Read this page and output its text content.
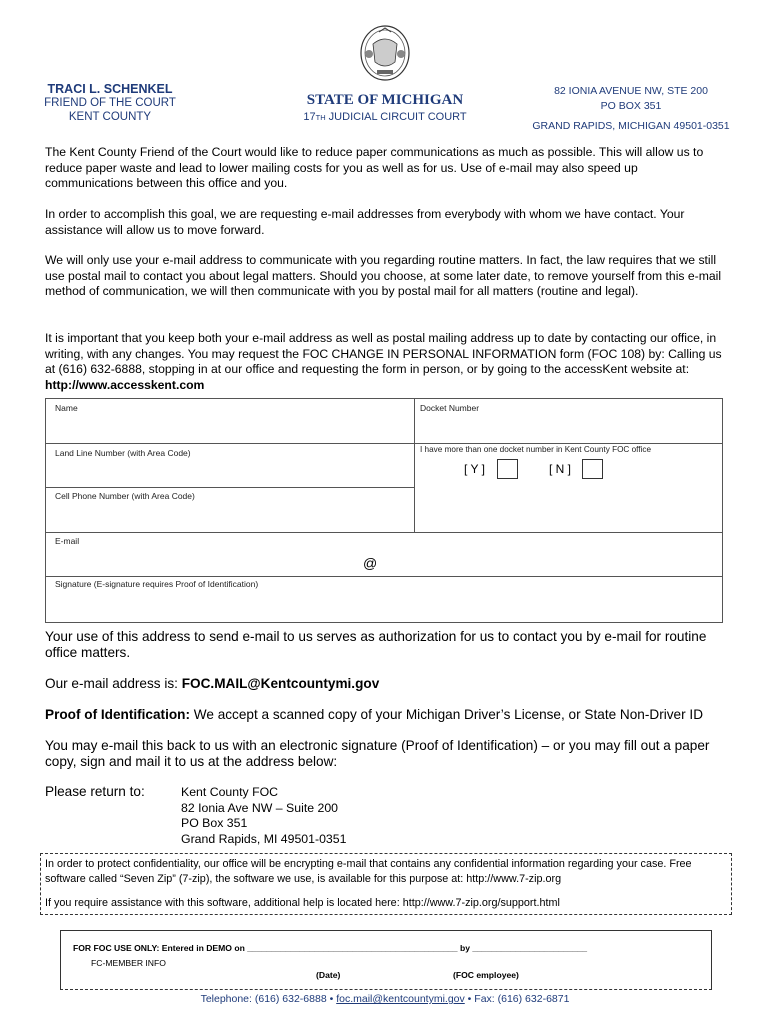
TRACI L. SCHENKEL
FRIEND OF THE COURT
KENT COUNTY
STATE OF MICHIGAN
17TH JUDICIAL CIRCUIT COURT
82 IONIA AVENUE NW, STE 200
PO BOX 351
GRAND RAPIDS, MICHIGAN 49501-0351
The Kent County Friend of the Court would like to reduce paper communications as much as possible. This will allow us to reduce paper waste and lead to lower mailing costs for you as well as for us. Use of e-mail may also speed up communications between this office and you.
In order to accomplish this goal, we are requesting e-mail addresses from everybody with whom we have contact. Your assistance will allow us to move forward.
We will only use your e-mail address to communicate with you regarding routine matters. In fact, the law requires that we still use postal mail to contact you about legal matters. Should you choose, at some later date, to remove yourself from this e-mail method of communication, we will then communicate with you by postal mail for all matters (routine and legal).
It is important that you keep both your e-mail address as well as postal mailing address up to date by contacting our office, in writing, with any changes. You may request the FOC CHANGE IN PERSONAL INFORMATION form (FOC 108) by: Calling us at (616) 632-6888, stopping in at our office and requesting the form in person, or by going to the accessKent website at: http://www.accesskent.com
Name	Docket Number
Land Line Number (with Area Code)	I have more than one docket number in Kent County FOC office
[ Y ]	[ N ]
Cell Phone Number (with Area Code)
E-mail
@
Signature (E-signature requires Proof of Identification)
Your use of this address to send e-mail to us serves as authorization for us to contact you by e-mail for routine office matters.
Our e-mail address is: FOC.MAIL@Kentcountymi.gov
Proof of Identification: We accept a scanned copy of your Michigan Driver’s License, or State Non-Driver ID
You may e-mail this back to us with an electronic signature (Proof of Identification) – or you may fill out a paper copy, sign and mail it to us at the address below:
Please return to:	Kent County FOC
82 Ionia Ave NW – Suite 200
PO Box 351
Grand Rapids, MI 49501-0351
In order to protect confidentiality, our office will be encrypting e-mail that contains any confidential information regarding your case. Free software called “Seven Zip” (7-zip), the software we use, is available for this purpose at: http://www.7-zip.org
If you require assistance with this software, additional help is located here: http://www.7-zip.org/support.html
FOR FOC USE ONLY: Entered in DEMO on ____________________________________________ by ________________________
FC-MEMBER INFO
(Date)	(FOC employee)
Telephone: (616) 632-6888 • foc.mail@kentcountymi.gov • Fax: (616) 632-6871
